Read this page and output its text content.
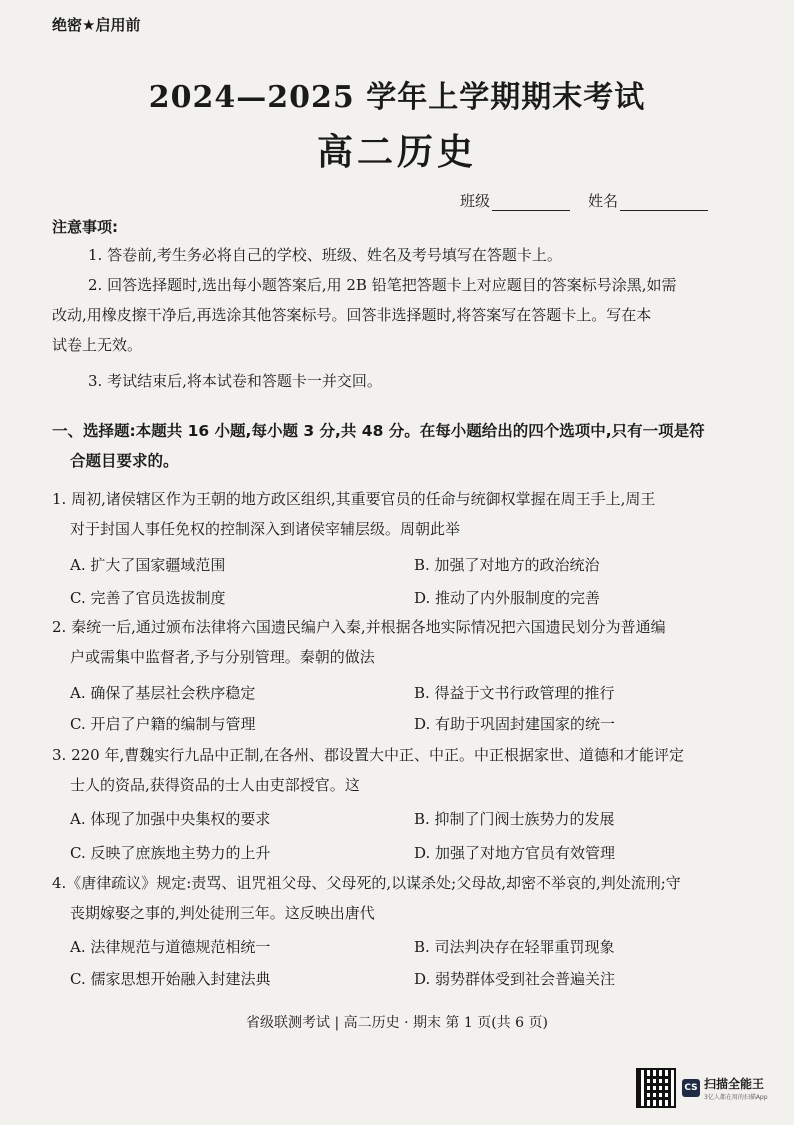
绝密★启用前
2024—2025 学年上学期期末考试
高二历史
班级	姓名
注意事项:
1. 答卷前,考生务必将自己的学校、班级、姓名及考号填写在答题卡上。
2. 回答选择题时,选出每小题答案后,用 2B 铅笔把答题卡上对应题目的答案标号涂黑,如需
改动,用橡皮擦干净后,再选涂其他答案标号。回答非选择题时,将答案写在答题卡上。写在本
试卷上无效。
3. 考试结束后,将本试卷和答题卡一并交回。
一、选择题:本题共 16 小题,每小题 3 分,共 48 分。在每小题给出的四个选项中,只有一项是符
合题目要求的。
1. 周初,诸侯辖区作为王朝的地方政区组织,其重要官员的任命与统御权掌握在周王手上,周王
对于封国人事任免权的控制深入到诸侯宰辅层级。周朝此举
A. 扩大了国家疆域范围	B. 加强了对地方的政治统治
C. 完善了官员选拔制度	D. 推动了内外服制度的完善
2. 秦统一后,通过颁布法律将六国遗民编户入秦,并根据各地实际情况把六国遗民划分为普通编
户或需集中监督者,予与分别管理。秦朝的做法
A. 确保了基层社会秩序稳定	B. 得益于文书行政管理的推行
C. 开启了户籍的编制与管理	D. 有助于巩固封建国家的统一
3. 220 年,曹魏实行九品中正制,在各州、郡设置大中正、中正。中正根据家世、道德和才能评定
士人的资品,获得资品的士人由吏部授官。这
A. 体现了加强中央集权的要求	B. 抑制了门阀士族势力的发展
C. 反映了庶族地主势力的上升	D. 加强了对地方官员有效管理
4.《唐律疏议》规定:责骂、诅咒祖父母、父母死的,以谋杀处;父母故,却密不举哀的,判处流刑;守
丧期嫁娶之事的,判处徒刑三年。这反映出唐代
A. 法律规范与道德规范相统一	B. 司法判决存在轻罪重罚现象
C. 儒家思想开始融入封建法典	D. 弱势群体受到社会普遍关注
省级联测考试 | 高二历史 · 期末 第 1 页(共 6 页)
CS 扫描全能王
3亿人都在用的扫描App
